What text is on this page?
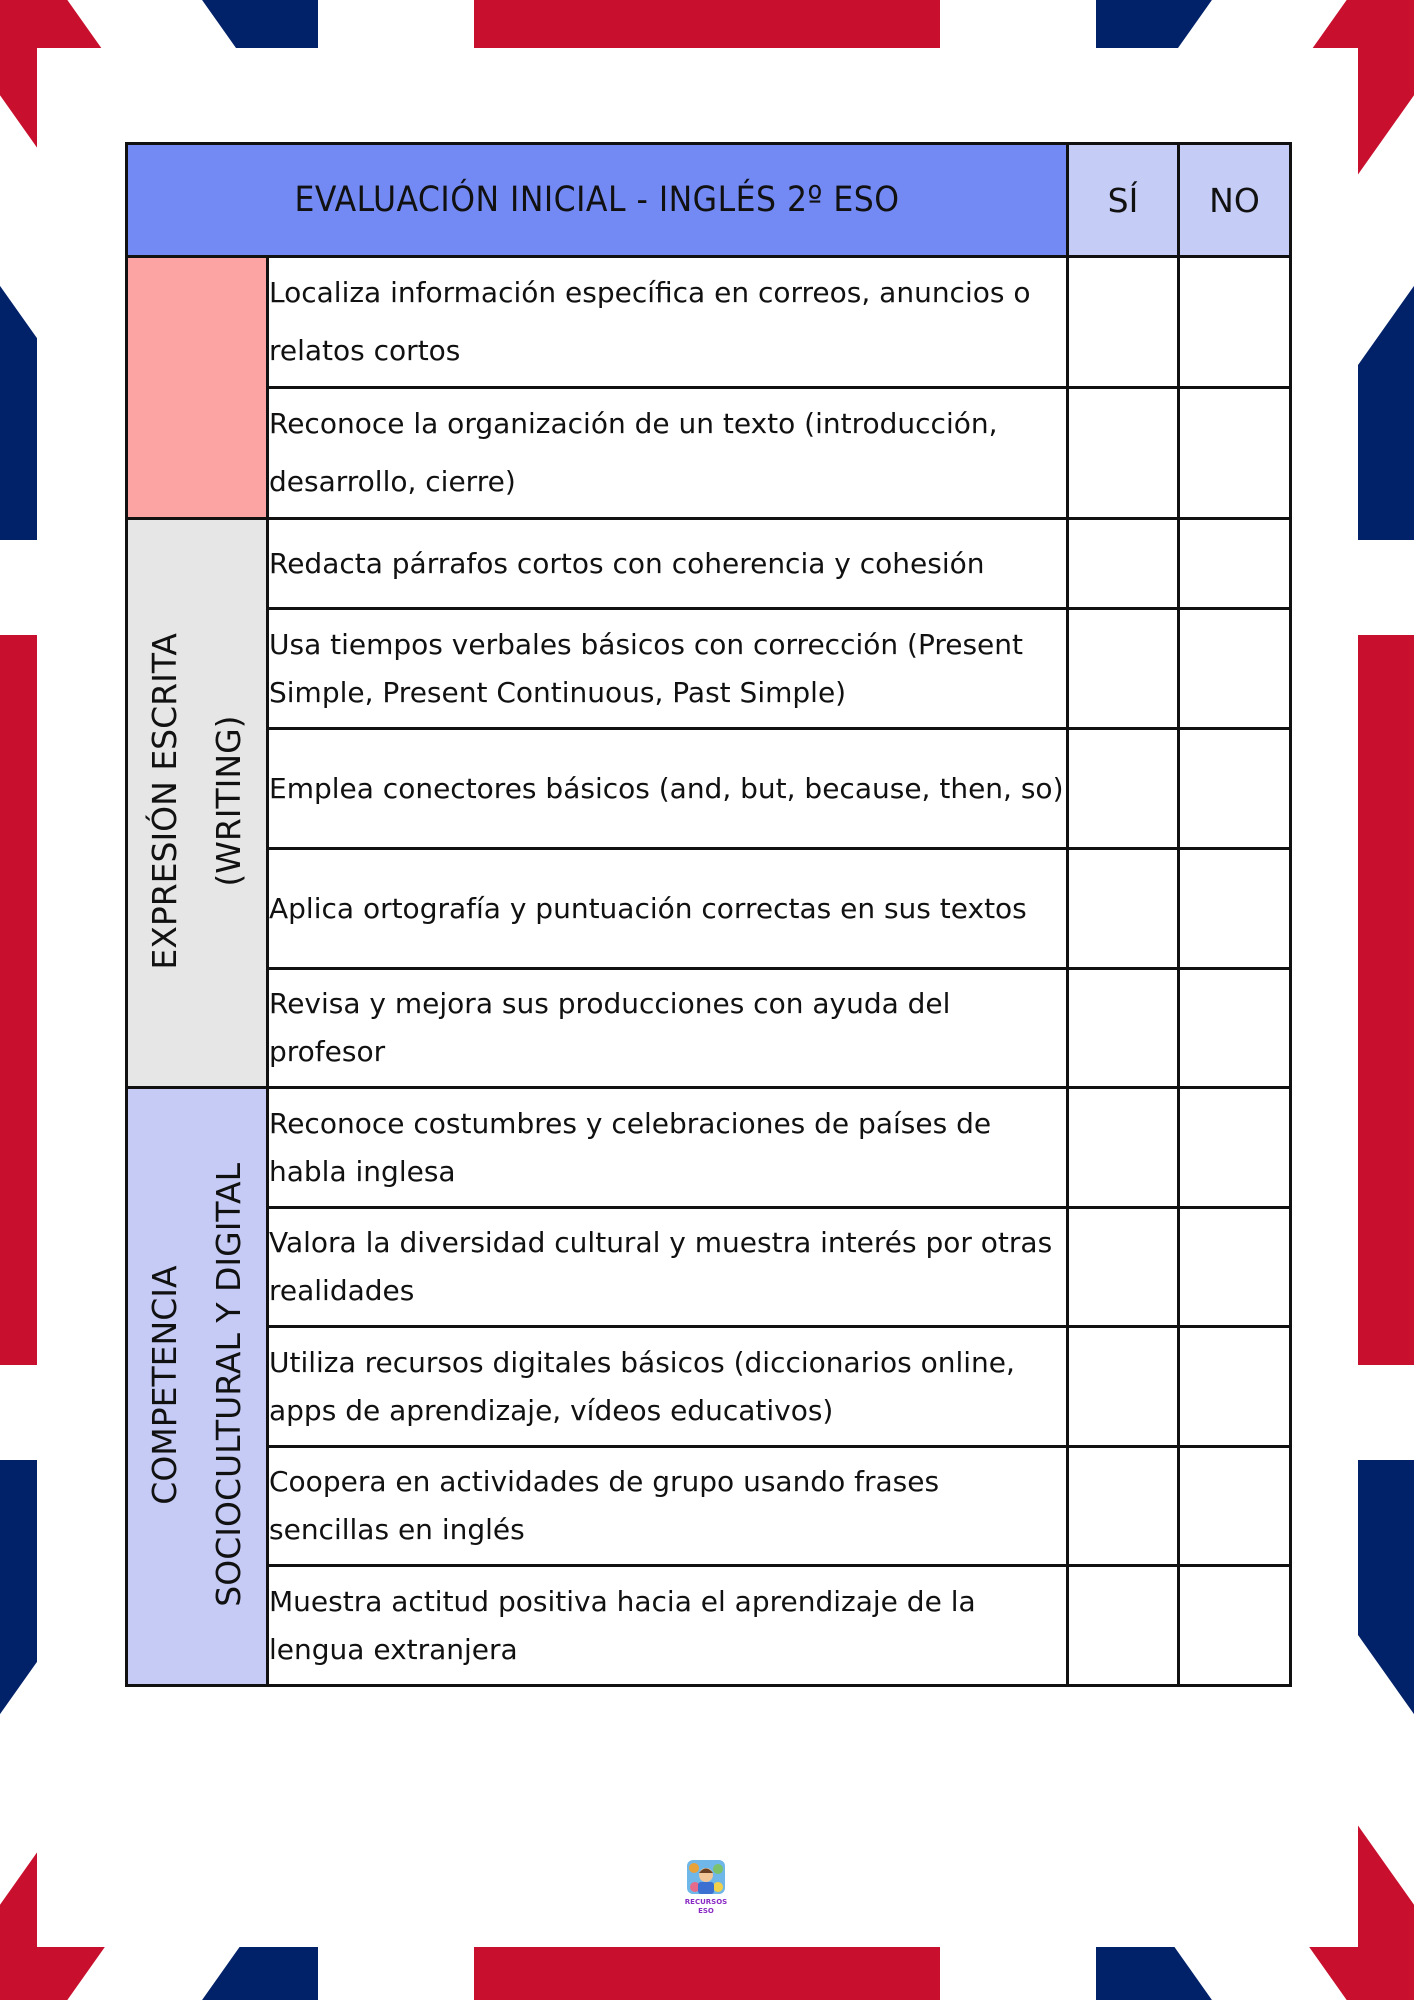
EVALUACIÓN INICIAL - INGLÉS 2º ESO		SÍ	NO
	Localiza información específica en correos, anuncios o relatos cortos		
	Reconoce la organización de un texto (introducción, desarrollo, cierre)		
EXPRESIÓN ESCRITA (WRITING)	Redacta párrafos cortos con coherencia y cohesión		
	Usa tiempos verbales básicos con corrección (Present Simple, Present Continuous, Past Simple)		
	Emplea conectores básicos (and, but, because, then, so)		
	Aplica ortografía y puntuación correctas en sus textos		
	Revisa y mejora sus producciones con ayuda del profesor		
COMPETENCIA SOCIOCULTURAL Y DIGITAL	Reconoce costumbres y celebraciones de países de habla inglesa		
	Valora la diversidad cultural y muestra interés por otras realidades		
	Utiliza recursos digitales básicos (diccionarios online, apps de aprendizaje, vídeos educativos)		
	Coopera en actividades de grupo usando frases sencillas en inglés		
	Muestra actitud positiva hacia el aprendizaje de la lengua extranjera		
RECURSOS
ESO
